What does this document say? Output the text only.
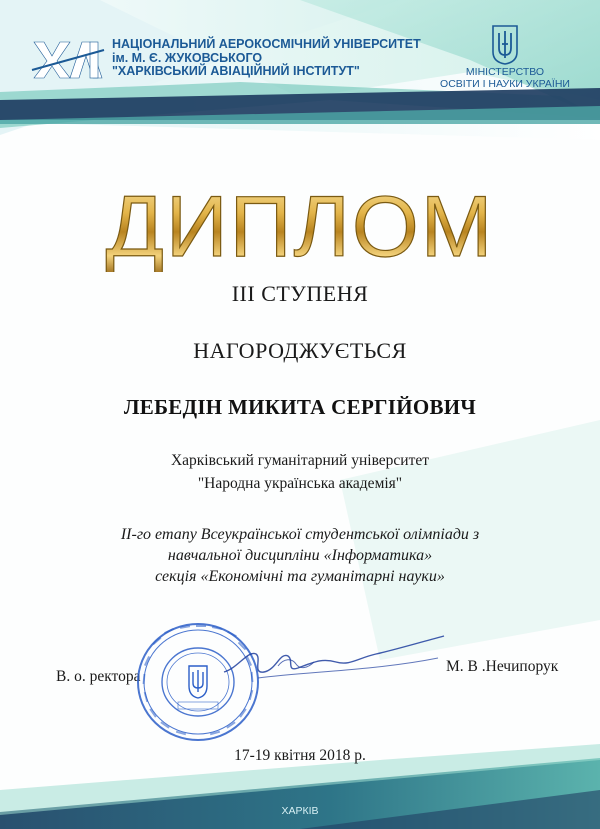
НАЦІОНАЛЬНИЙ АЕРОКОСМІЧНИЙ УНІВЕРСИТЕТ
ім. М. Є. ЖУКОВСЬКОГО
"ХАРКІВСЬКИЙ АВІАЦІЙНИЙ ІНСТИТУТ"	МІНІСТЕРСТВО
ОСВІТИ І НАУКИ УКРАЇНИ
ДИПЛОМ
ІІІ СТУПЕНЯ
НАГОРОДЖУЄТЬСЯ
ЛЕБЕДІН МИКИТА СЕРГІЙОВИЧ
Харківський гуманітарний університет
"Народна українська академія"
ІІ-го етапу Всеукраїнської студентської олімпіади з
навчальної дисципліни «Інформатика»
секція «Економічні та гуманітарні науки»
В. о. ректора
М. В .Нечипорук
17-19 квітня 2018 р.
ХАРКІВ
